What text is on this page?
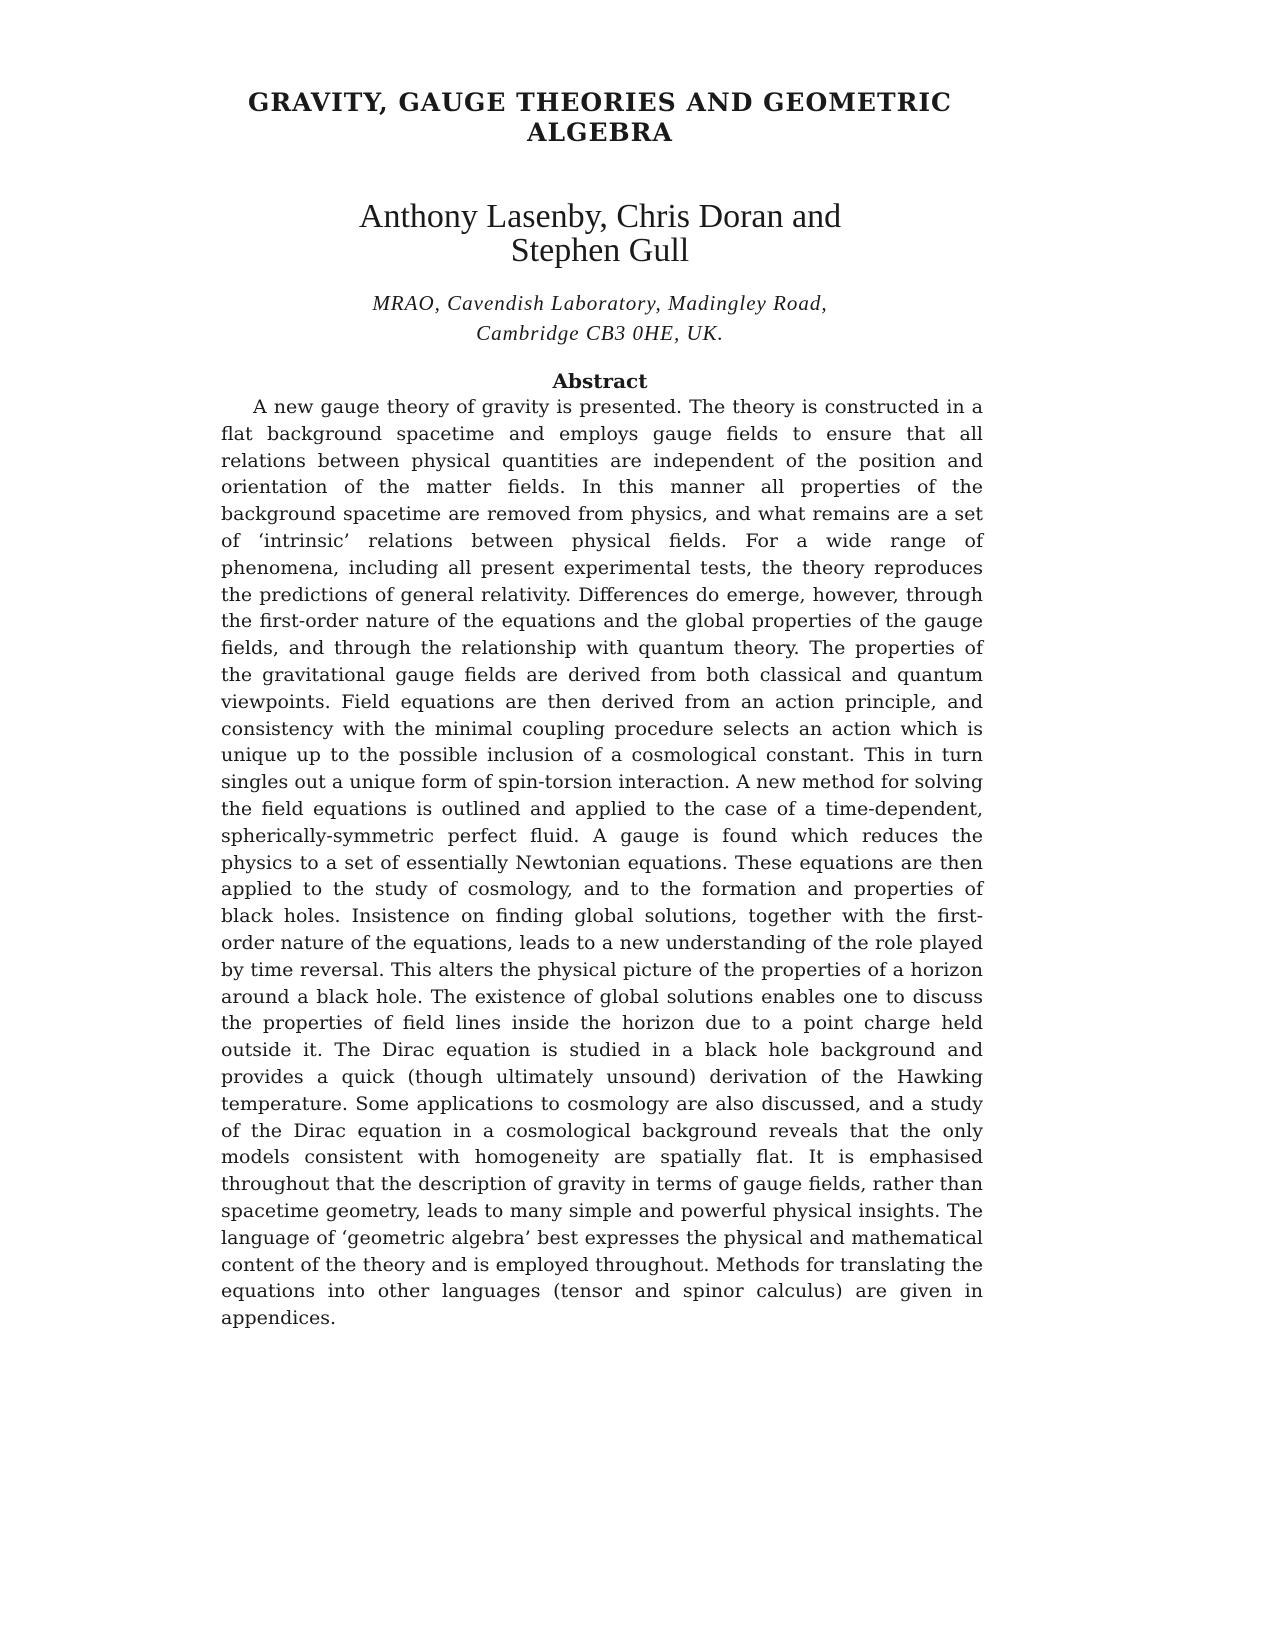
GRAVITY, GAUGE THEORIES AND GEOMETRIC
ALGEBRA

Anthony Lasenby, Chris Doran and

Stephen Gull

MRAO, Cavendish Laboratory, Madingley Road,

Cambridge CB3 0HE, UK.

Abstract

A new gauge theory of gravity is presented. The theory is constructed in a flat background spacetime and employs gauge fields to ensure that all relations between physical quantities are independent of the position and orientation of the matter fields. In this manner all properties of the background spacetime are removed from physics, and what remains are a set of ‘intrinsic’ relations between physical fields. For a wide range of phenomena, including all present experimental tests, the theory reproduces the predictions of general relativity. Differences do emerge, however, through the first-order nature of the equations and the global properties of the gauge fields, and through the relationship with quantum theory. The properties of the gravitational gauge fields are derived from both classical and quantum viewpoints. Field equations are then derived from an action principle, and consistency with the minimal coupling procedure selects an action which is unique up to the possible inclusion of a cosmological constant. This in turn singles out a unique form of spin-torsion interaction. A new method for solving the field equations is outlined and applied to the case of a time-dependent, spherically-symmetric perfect fluid. A gauge is found which reduces the physics to a set of essentially Newtonian equations. These equations are then applied to the study of cosmology, and to the formation and properties of black holes. Insistence on finding global solutions, together with the first-order nature of the equations, leads to a new understanding of the role played by time reversal. This alters the physical picture of the properties of a horizon around a black hole. The existence of global solutions enables one to discuss the properties of field lines inside the horizon due to a point charge held outside it. The Dirac equation is studied in a black hole background and provides a quick (though ultimately unsound) derivation of the Hawking temperature. Some applications to cosmology are also discussed, and a study of the Dirac equation in a cosmological background reveals that the only models consistent with homogeneity are spatially flat. It is emphasised throughout that the description of gravity in terms of gauge fields, rather than spacetime geometry, leads to many simple and powerful physical insights. The language of ‘geometric algebra’ best expresses the physical and mathematical content of the theory and is employed throughout. Methods for translating the equations into other languages (tensor and spinor calculus) are given in appendices.
